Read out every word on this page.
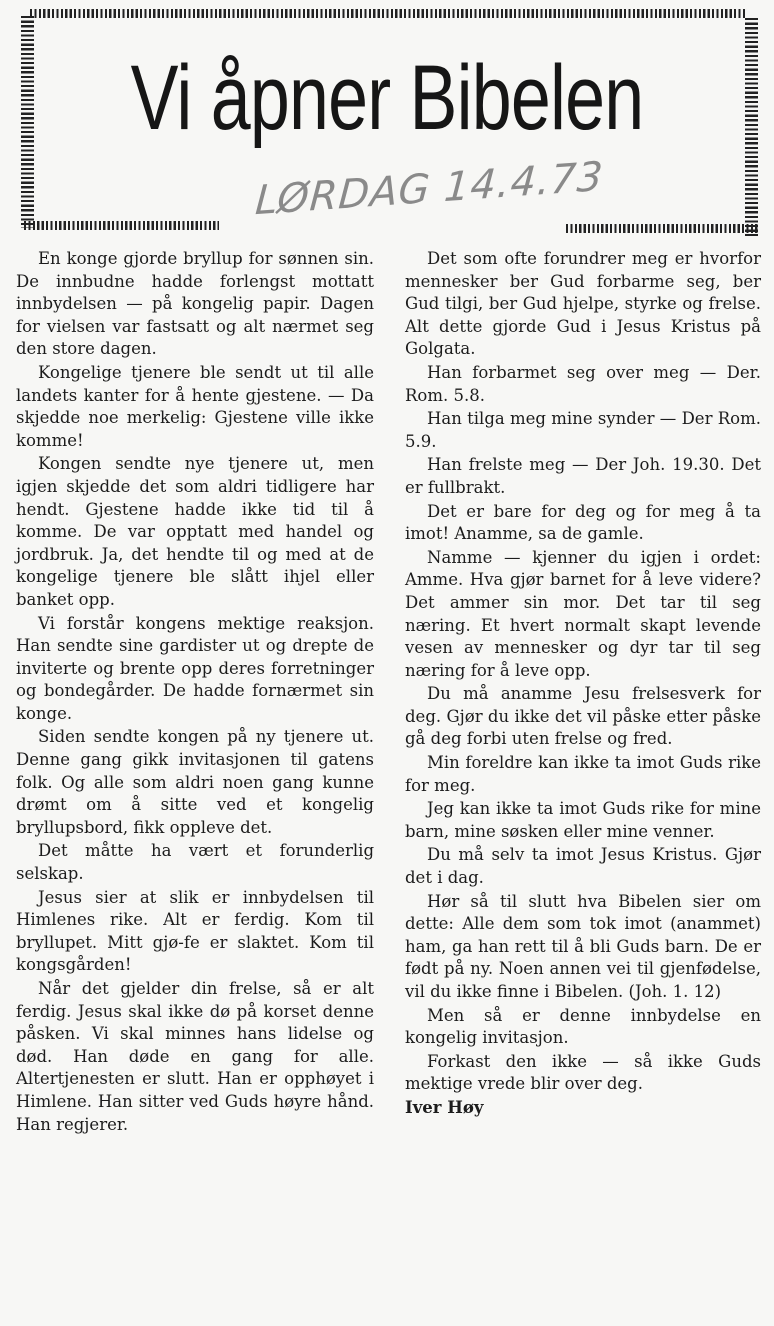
Vi åpner Bibelen
LØRDAG 14.4.73

En konge gjorde bryllup for sønnen sin. De innbudne hadde forlengst mottatt innbydelsen — på kongelig papir. Dagen for vielsen var fastsatt og alt nærmet seg den store dagen.

Kongelige tjenere ble sendt ut til alle landets kanter for å hente gjestene. — Da skjedde noe merkelig: Gjestene ville ikke komme!

Kongen sendte nye tjenere ut, men igjen skjedde det som aldri tidligere har hendt. Gjestene hadde ikke tid til å komme. De var opptatt med handel og jordbruk. Ja, det hendte til og med at de kongelige tjenere ble slått ihjel eller banket opp.

Vi forstår kongens mektige reaksjon. Han sendte sine gardister ut og drepte de inviterte og brente opp deres forretninger og bondegårder. De hadde fornærmet sin konge.

Siden sendte kongen på ny tjenere ut. Denne gang gikk invitasjonen til gatens folk. Og alle som aldri noen gang kunne drømt om å sitte ved et kongelig bryllupsbord, fikk oppleve det.

Det måtte ha vært et forunderlig selskap.

Jesus sier at slik er innbydelsen til Himlenes rike. Alt er ferdig. Kom til bryllupet. Mitt gjø-fe er slaktet. Kom til kongsgården!

Når det gjelder din frelse, så er alt ferdig. Jesus skal ikke dø på korset denne påsken. Vi skal minnes hans lidelse og død. Han døde en gang for alle. Altertjenesten er slutt. Han er opphøyet i Himlene. Han sitter ved Guds høyre hånd. Han regjerer.

Det som ofte forundrer meg er hvorfor mennesker ber Gud forbarme seg, ber Gud tilgi, ber Gud hjelpe, styrke og frelse. Alt dette gjorde Gud i Jesus Kristus på Golgata.

Han forbarmet seg over meg — Der. Rom. 5.8.

Han tilga meg mine synder — Der Rom. 5.9.

Han frelste meg — Der Joh. 19.30. Det er fullbrakt.

Det er bare for deg og for meg å ta imot! Anamme, sa de gamle.

Namme — kjenner du igjen i ordet: Amme. Hva gjør barnet for å leve videre? Det ammer sin mor. Det tar til seg næring. Et hvert normalt skapt levende vesen av mennesker og dyr tar til seg næring for å leve opp.

Du må anamme Jesu frelsesverk for deg. Gjør du ikke det vil påske etter påske gå deg forbi uten frelse og fred.

Min foreldre kan ikke ta imot Guds rike for meg.

Jeg kan ikke ta imot Guds rike for mine barn, mine søsken eller mine venner.

Du må selv ta imot Jesus Kristus. Gjør det i dag.

Hør så til slutt hva Bibelen sier om dette: Alle dem som tok imot (anammet) ham, ga han rett til å bli Guds barn. De er født på ny. Noen annen vei til gjenfødelse, vil du ikke finne i Bibelen. (Joh. 1. 12)

Men så er denne innbydelse en kongelig invitasjon.

Forkast den ikke — så ikke Guds mektige vrede blir over deg.

Iver Høy
